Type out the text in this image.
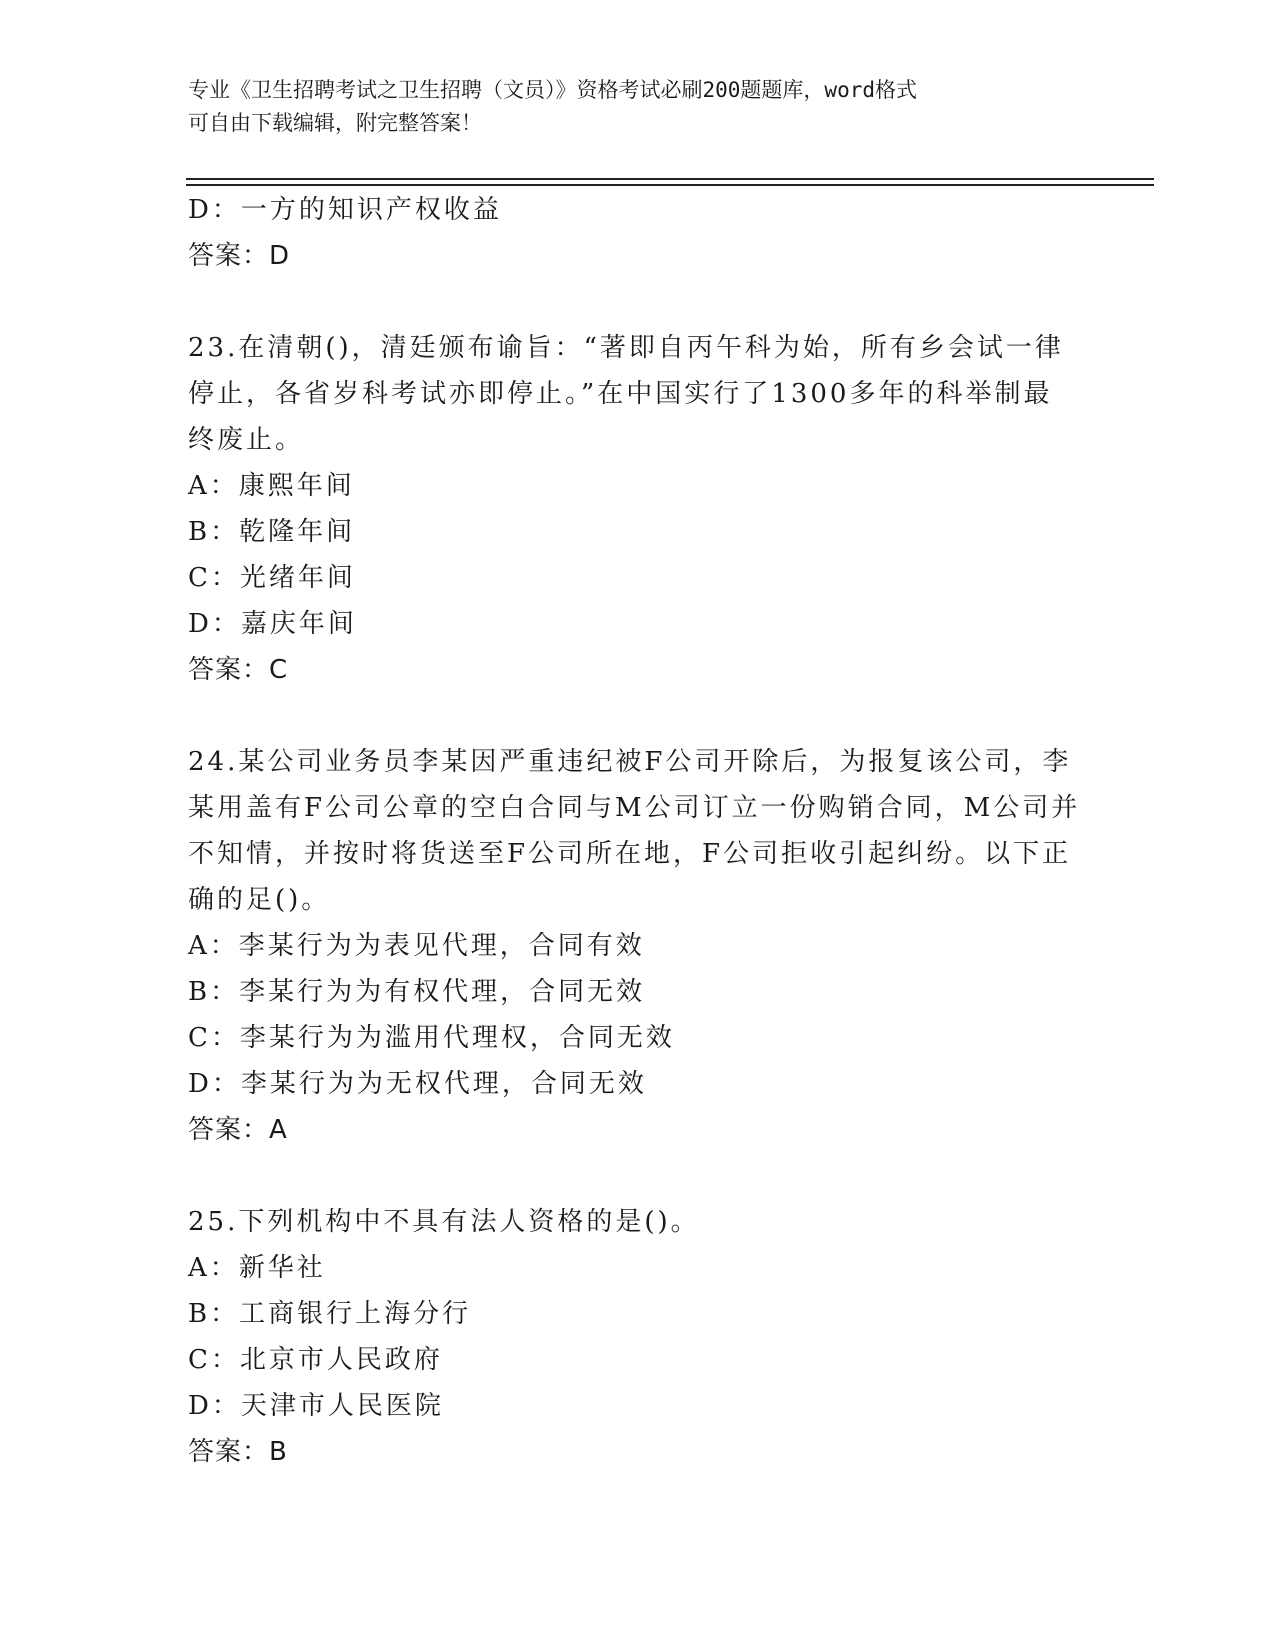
专业《卫生招聘考试之卫生招聘（文员）》资格考试必刷200题题库，word格式
可自由下载编辑，附完整答案！
D：一方的知识产权收益
答案：D
23.在清朝()，清廷颁布谕旨：“著即自丙午科为始，所有乡会试一律
停止，各省岁科考试亦即停止。”在中国实行了1300多年的科举制最
终废止。
A：康熙年间
B：乾隆年间
C：光绪年间
D：嘉庆年间
答案：C
24.某公司业务员李某因严重违纪被F公司开除后，为报复该公司，李
某用盖有F公司公章的空白合同与M公司订立一份购销合同，M公司并
不知情，并按时将货送至F公司所在地，F公司拒收引起纠纷。以下正
确的足()。
A：李某行为为表见代理，合同有效
B：李某行为为有权代理，合同无效
C：李某行为为滥用代理权，合同无效
D：李某行为为无权代理，合同无效
答案：A
25.下列机构中不具有法人资格的是()。
A：新华社
B：工商银行上海分行
C：北京市人民政府
D：天津市人民医院
答案：B
